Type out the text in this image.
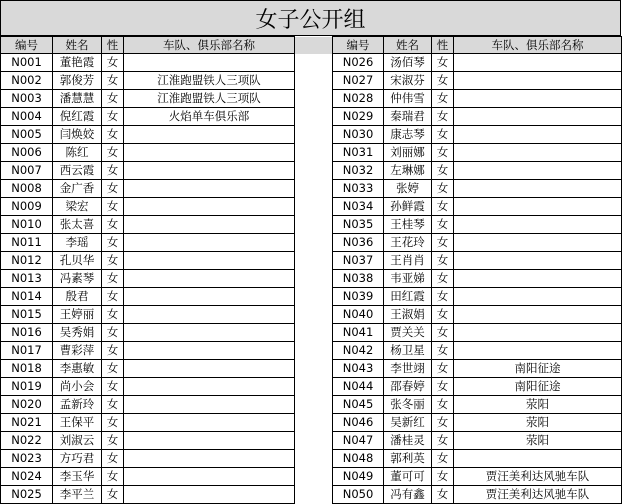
女子公开组
编号	姓名	性	车队、俱乐部名称		编号	姓名	性	车队、俱乐部名称
N001	董艳霞	女			N026	汤佰琴	女	
N002	郭俊芳	女	江淮跑盟铁人三项队		N027	宋淑芬	女	
N003	潘慧慧	女	江淮跑盟铁人三项队		N028	仲伟雪	女	
N004	倪红霞	女	火焰单车俱乐部		N029	秦瑞君	女	
N005	闫焕姣	女			N030	康志琴	女	
N006	陈红	女			N031	刘丽娜	女	
N007	西云霞	女			N032	左琳娜	女	
N008	金广香	女			N033	张婷	女	
N009	梁宏	女			N034	孙鲜霞	女	
N010	张太喜	女			N035	王桂琴	女	
N011	李瑶	女			N036	王花玲	女	
N012	孔贝华	女			N037	王肖肖	女	
N013	冯素琴	女			N038	韦亚娣	女	
N014	殷君	女			N039	田红霞	女	
N015	王婷丽	女			N040	王淑娟	女	
N016	吴秀娟	女			N041	贾关关	女	
N017	曹彩萍	女			N042	杨卫星	女	
N018	李惠敏	女			N043	李世翊	女	南阳征途
N019	尚小会	女			N044	邵春婷	女	南阳征途
N020	孟新玲	女			N045	张冬丽	女	荥阳
N021	王保平	女			N046	吴新红	女	荥阳
N022	刘淑云	女			N047	潘桂灵	女	荥阳
N023	方巧君	女			N048	郭利英	女	
N024	李玉华	女			N049	董可可	女	贾汪美利达风驰车队
N025	李平兰	女			N050	冯有鑫	女	贾汪美利达风驰车队
